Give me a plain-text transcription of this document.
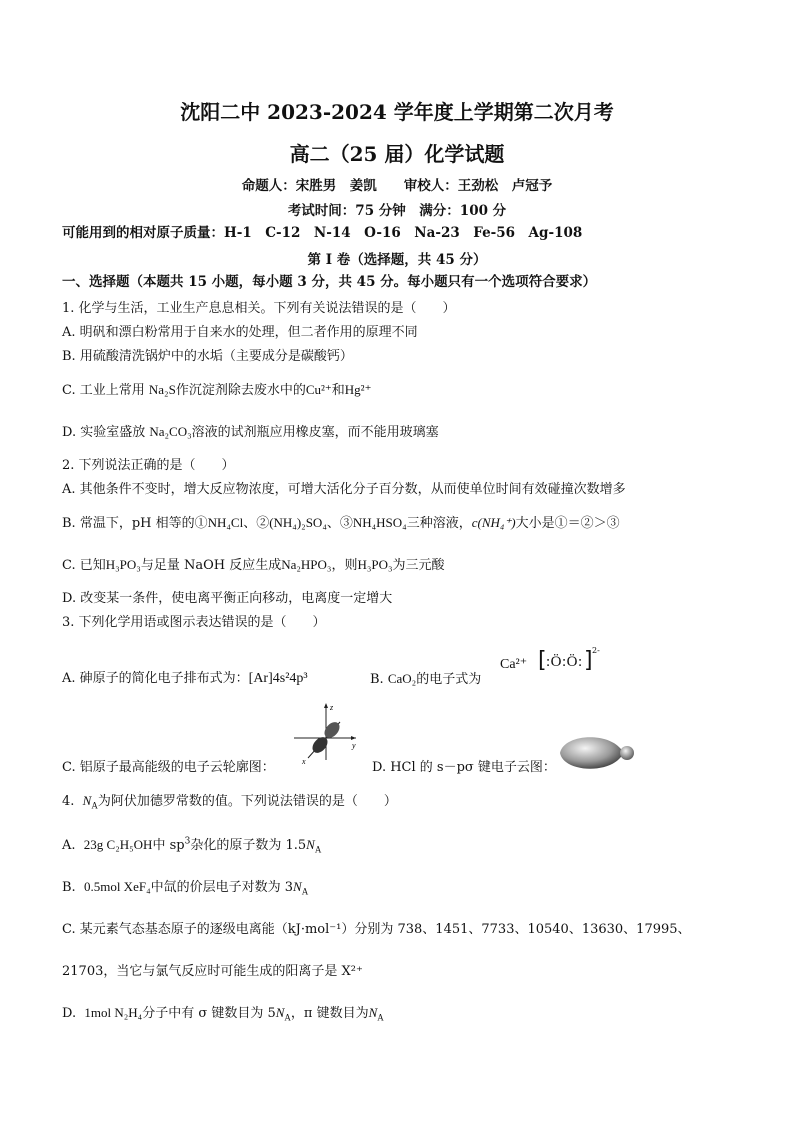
沈阳二中 2023-2024 学年度上学期第二次月考
高二（25 届）化学试题
命题人：宋胜男　姜凯　　审校人：王劲松　卢冠予
考试时间：75 分钟　满分：100 分
可能用到的相对原子质量：H-1　C-12　N-14　O-16　Na-23　Fe-56　Ag-108
第 I 卷（选择题，共 45 分）
一、选择题（本题共 15 小题，每小题 3 分，共 45 分。每小题只有一个选项符合要求）
1. 化学与生活，工业生产息息相关。下列有关说法错误的是（　　）
A. 明矾和漂白粉常用于自来水的处理，但二者作用的原理不同
B. 用硫酸清洗锅炉中的水垢（主要成分是碳酸钙）
C. 工业上常用 Na₂S作沉淀剂除去废水中的Cu²⁺和Hg²⁺
D. 实验室盛放 Na₂CO₃溶液的试剂瓶应用橡皮塞，而不能用玻璃塞
2. 下列说法正确的是（　　）
A. 其他条件不变时，增大反应物浓度，可增大活化分子百分数，从而使单位时间有效碰撞次数增多
B. 常温下，pH 相等的①NH₄Cl、②(NH₄)₂SO₄、③NH₄HSO₄三种溶液，c(NH₄⁺)大小是①＝②＞③
C. 已知H₃PO₃与足量 NaOH 反应生成Na₂HPO₃，则H₃PO₃为三元酸
D. 改变某一条件，使电离平衡正向移动，电离度一定增大
3. 下列化学用语或图示表达错误的是（　　）
A. 砷原子的简化电子排布式为：[Ar]4s²4p³	B. CaO₂的电子式为
Ca²⁺ [ :Ö:Ö: ] 2-
C. 铝原子最高能级的电子云轮廓图：
z
y
x	D. HCl 的 s－pσ 键电子云图：
4.  $N_A$为阿伏加德罗常数的值。下列说法错误的是（　　）
A. 23g C₂H₅OH中 $sp^3$杂化的原子数为 $1.5N_A$
B. 0.5mol XeF₄中氙的价层电子对数为 $3N_A$
C. 某元素气态基态原子的逐级电离能（kJ·mol⁻¹）分别为 738、1451、7733、10540、13630、17995、
21703，当它与氯气反应时可能生成的阳离子是 X²⁺
D. 1mol N₂H₄分子中有 σ 键数目为 $5N_A$，π 键数目为$N_A$
